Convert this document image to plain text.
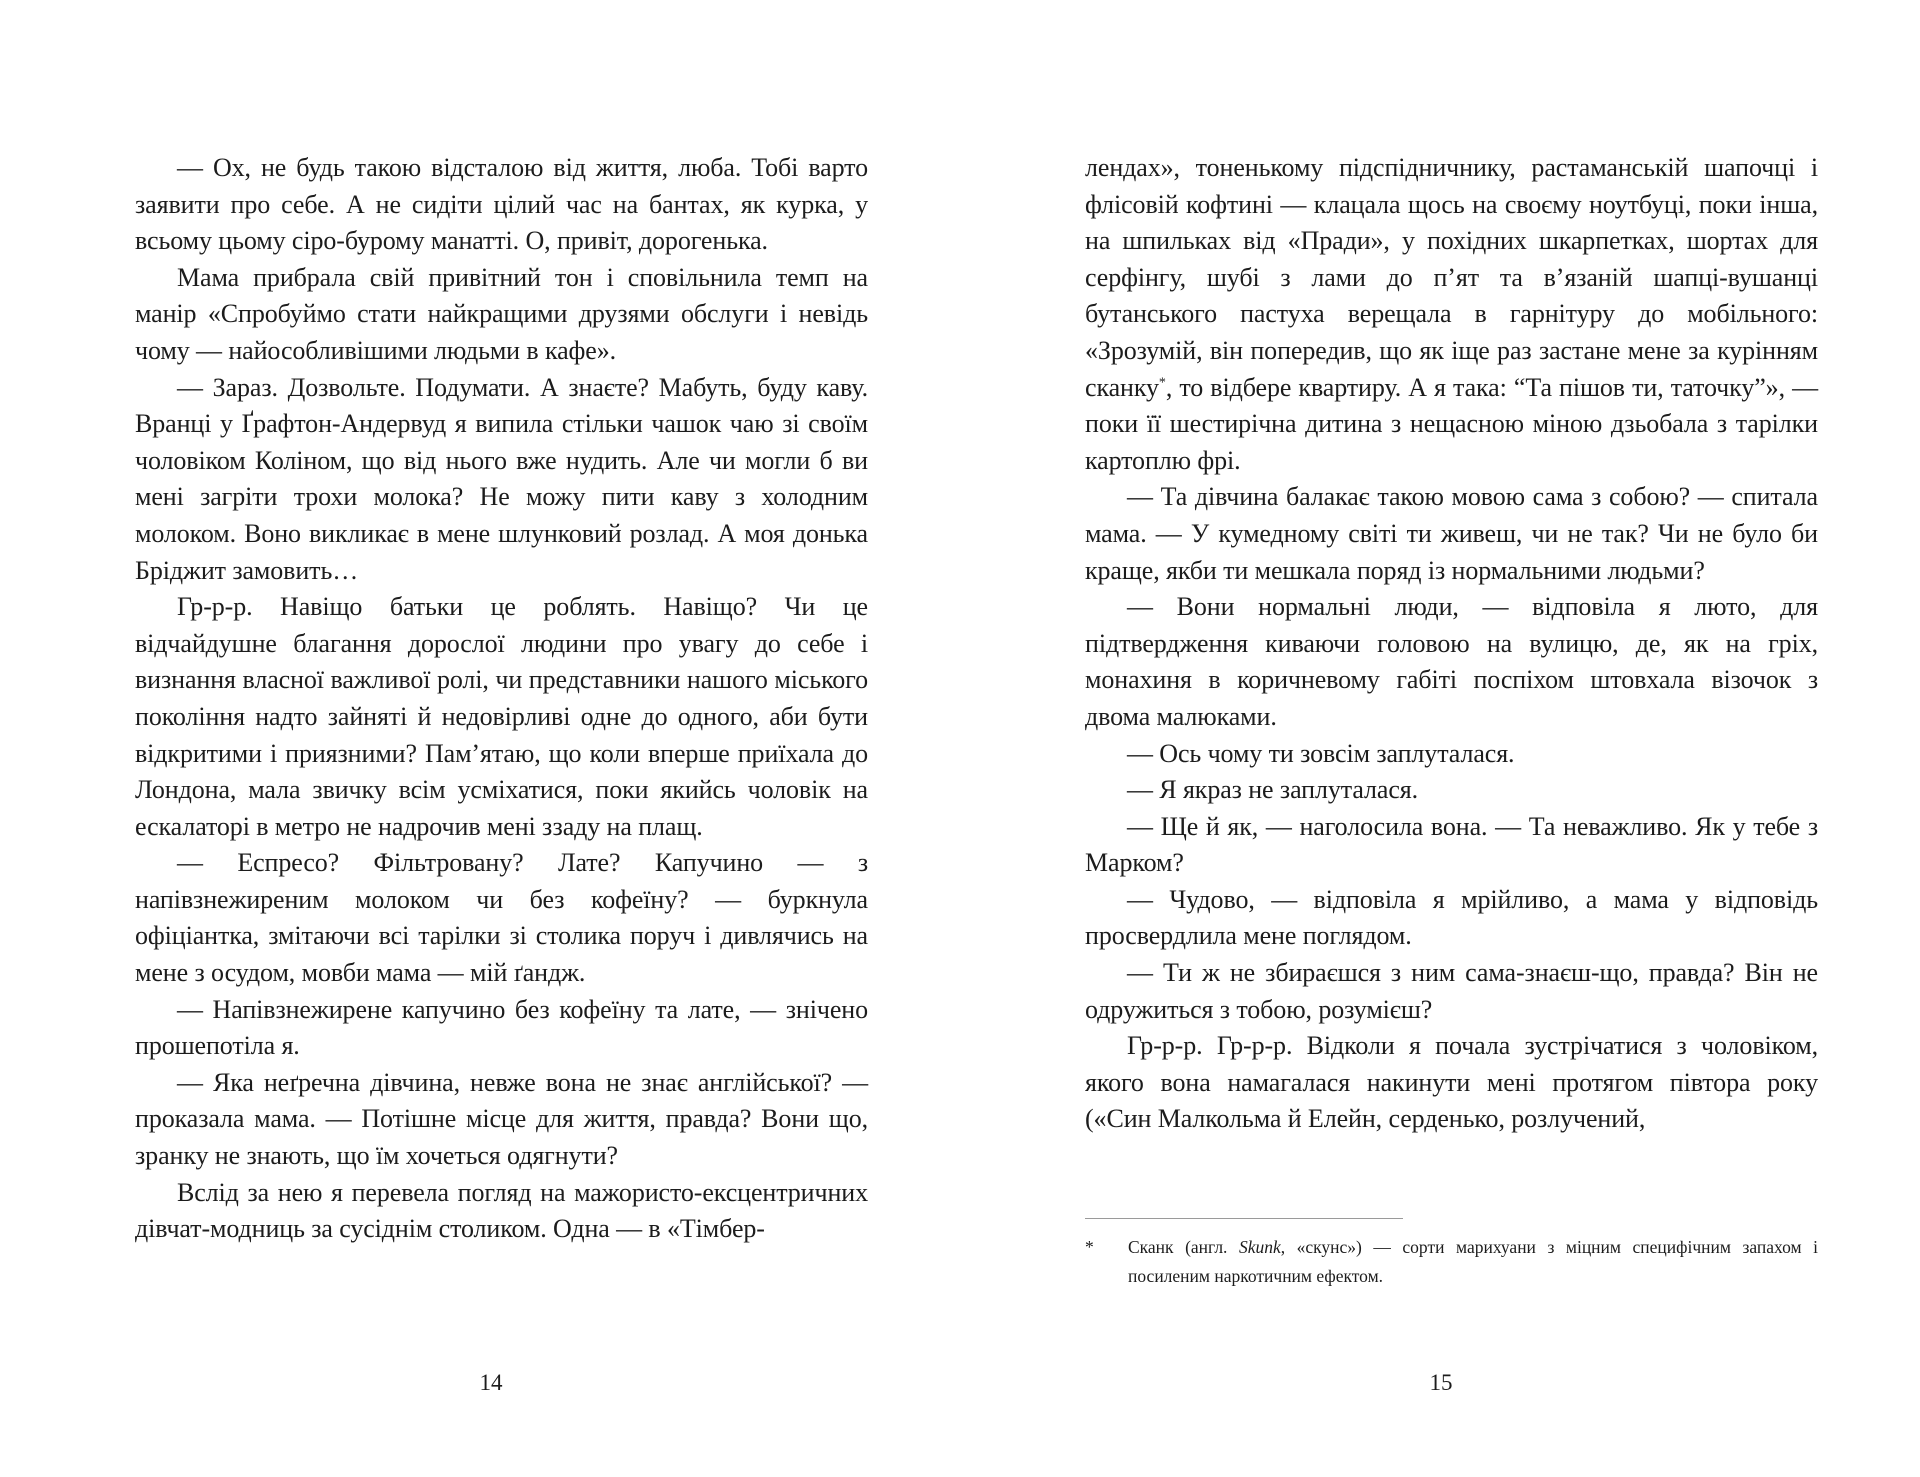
— Ох, не будь такою відсталою від життя, люба. Тобі варто заявити про себе. А не сидіти цілий час на бантах, як курка, у всьому цьому сіро-бурому манатті. О, привіт, дорогенька.

Мама прибрала свій привітний тон і сповільнила темп на манір «Спробуймо стати найкращими друзями обслуги і невідь чому — найособливішими людьми в кафе».

— Зараз. Дозвольте. Подумати. А знаєте? Мабуть, буду каву. Вранці у Ґрафтон-Андервуд я випила стільки чашок чаю зі своїм чоловіком Коліном, що від нього вже нудить. Але чи могли б ви мені загріти трохи молока? Не можу пити каву з холодним молоком. Воно викликає в мене шлунковий розлад. А моя донька Бріджит замовить…

Гр-р-р. Навіщо батьки це роблять. Навіщо? Чи це відчайдушне благання дорослої людини про увагу до себе і визнання власної важливої ролі, чи представники нашого міського покоління надто зайняті й недовірливі одне до одного, аби бути відкритими і приязними? Пам’ятаю, що коли вперше приїхала до Лондона, мала звичку всім усміхатися, поки якийсь чоловік на ескалаторі в метро не надрочив мені ззаду на плащ.

— Еспресо? Фільтровану? Лате? Капучино — з напівзнежиреним молоком чи без кофеїну? — буркнула офіціантка, змітаючи всі тарілки зі столика поруч і дивлячись на мене з осудом, мовби мама — мій ґандж.

— Напівзнежирене капучино без кофеїну та лате, — знічено прошепотіла я.

— Яка неґречна дівчина, невже вона не знає англійської? — проказала мама. — Потішне місце для життя, правда? Вони що, зранку не знають, що їм хочеться одягнути?

Вслід за нею я перевела погляд на мажористо-ексцентричних дівчат-модниць за сусіднім столиком. Одна — в «Тімбер-

14

лендах», тоненькому підспідничнику, растаманській шапочці і флісовій кофтині — клацала щось на своєму ноутбуці, поки інша, на шпильках від «Пради», у похідних шкарпетках, шортах для серфінгу, шубі з лами до п’ят та в’язаній шапці-вушанці бутанського пастуха верещала в гарнітуру до мобільного: «Зрозумій, він попередив, що як іще раз застане мене за курінням сканку*, то відбере квартиру. А я така: “Та пішов ти, таточку”», — поки її шестирічна дитина з нещасною міною дзьобала з тарілки картоплю фрі.

— Та дівчина балакає такою мовою сама з собою? — спитала мама. — У кумедному світі ти живеш, чи не так? Чи не було би краще, якби ти мешкала поряд із нормальними людьми?

— Вони нормальні люди, — відповіла я люто, для підтвердження киваючи головою на вулицю, де, як на гріх, монахиня в коричневому габіті поспіхом штовхала візочок з двома малюками.

— Ось чому ти зовсім заплуталася.

— Я якраз не заплуталася.

— Ще й як, — наголосила вона. — Та неважливо. Як у тебе з Марком?

— Чудово, — відповіла я мрійливо, а мама у відповідь просвердлила мене поглядом.

— Ти ж не збираєшся з ним сама-знаєш-що, правда? Він не одружиться з тобою, розумієш?

Гр-р-р. Гр-р-р. Відколи я почала зустрічатися з чоловіком, якого вона намагалася накинути мені протягом півтора року («Син Малкольма й Елейн, серденько, розлучений,

*	Сканк (англ. Skunk, «скунс») — сорти марихуани з міцним специфічним запахом і посиленим наркотичним ефектом.

15
